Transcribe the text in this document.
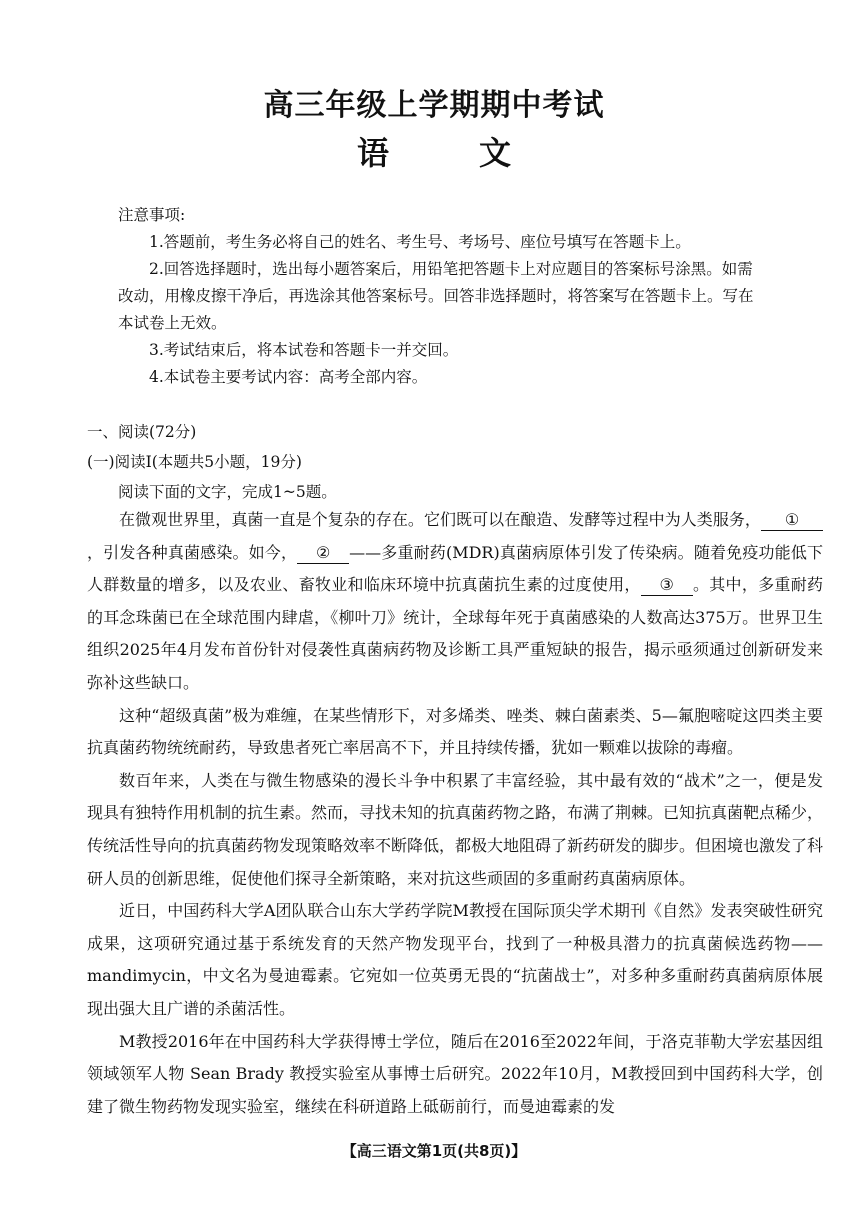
高三年级上学期期中考试
语	文

注意事项:

1.答题前，考生务必将自己的姓名、考生号、考场号、座位号填写在答题卡上。

2.回答选择题时，选出每小题答案后，用铅笔把答题卡上对应题目的答案标号涂黑。如需改动，用橡皮擦干净后，再选涂其他答案标号。回答非选择题时，将答案写在答题卡上。写在本试卷上无效。

3.考试结束后，将本试卷和答题卡一并交回。

4.本试卷主要考试内容：高考全部内容。

一、阅读(72分)
(一)阅读Ⅰ(本题共5小题，19分)
阅读下面的文字，完成1~5题。

在微观世界里，真菌一直是个复杂的存在。它们既可以在酿造、发酵等过程中为人类服务， ①，引发各种真菌感染。如今， ② ——多重耐药(MDR)真菌病原体引发了传染病。随着免疫功能低下人群数量的增多，以及农业、畜牧业和临床环境中抗真菌抗生素的过度使用， ③ 。其中，多重耐药的耳念珠菌已在全球范围内肆虐，《柳叶刀》统计，全球每年死于真菌感染的人数高达375万。世界卫生组织2025年4月发布首份针对侵袭性真菌病药物及诊断工具严重短缺的报告，揭示亟须通过创新研发来弥补这些缺口。

这种“超级真菌”极为难缠，在某些情形下，对多烯类、唑类、棘白菌素类、5—氟胞嘧啶这四类主要抗真菌药物统统耐药，导致患者死亡率居高不下，并且持续传播，犹如一颗难以拔除的毒瘤。

数百年来，人类在与微生物感染的漫长斗争中积累了丰富经验，其中最有效的“战术”之一，便是发现具有独特作用机制的抗生素。然而，寻找未知的抗真菌药物之路，布满了荆棘。已知抗真菌靶点稀少，传统活性导向的抗真菌药物发现策略效率不断降低，都极大地阻碍了新药研发的脚步。但困境也激发了科研人员的创新思维，促使他们探寻全新策略，来对抗这些顽固的多重耐药真菌病原体。

近日，中国药科大学A团队联合山东大学药学院M教授在国际顶尖学术期刊《自然》发表突破性研究成果，这项研究通过基于系统发育的天然产物发现平台，找到了一种极具潜力的抗真菌候选药物——mandimycin，中文名为曼迪霉素。它宛如一位英勇无畏的“抗菌战士”，对多种多重耐药真菌病原体展现出强大且广谱的杀菌活性。

M教授2016年在中国药科大学获得博士学位，随后在2016至2022年间，于洛克菲勒大学宏基因组领域领军人物 Sean Brady 教授实验室从事博士后研究。2022年10月，M教授回到中国药科大学，创建了微生物药物发现实验室，继续在科研道路上砥砺前行，而曼迪霉素的发

【高三语文第1页(共8页)】
